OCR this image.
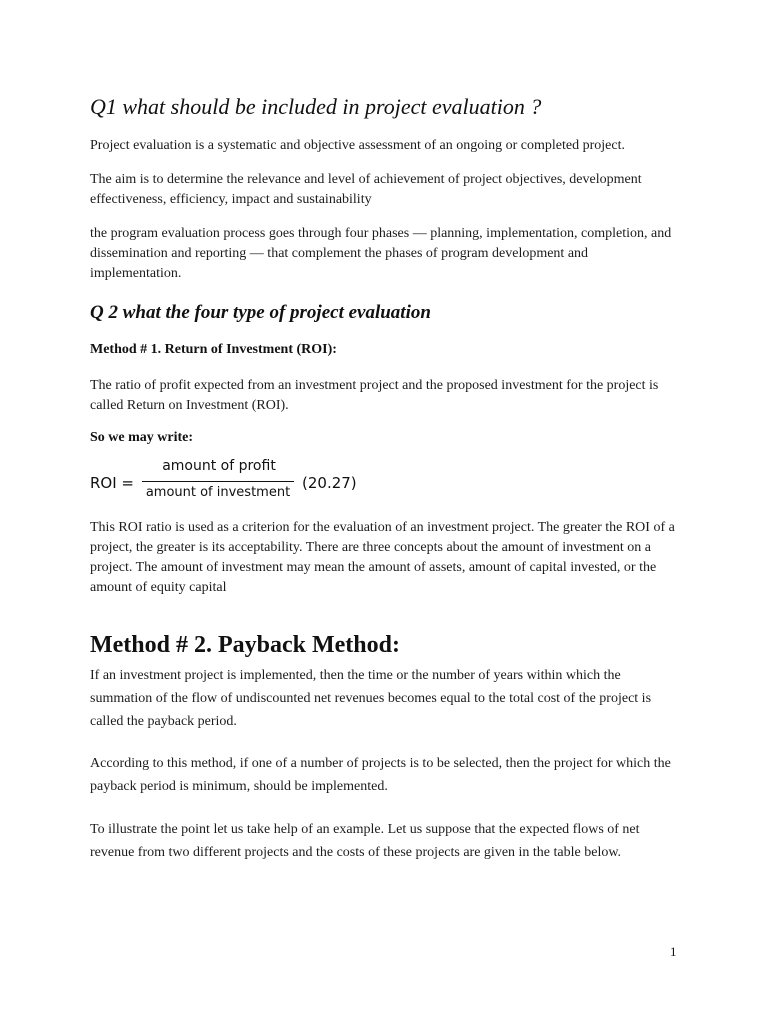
Q1 what should be included in project evaluation ?

Project evaluation is a systematic and objective assessment of an ongoing or completed project.

The aim is to determine the relevance and level of achievement of project objectives, development effectiveness, efficiency, impact and sustainability

the program evaluation process goes through four phases — planning, implementation, completion, and dissemination and reporting — that complement the phases of program development and implementation.

Q 2 what the four type of project evaluation

Method # 1. Return of Investment (ROI):

The ratio of profit expected from an investment project and the proposed investment for the project is called Return on Investment (ROI).

So we may write:

ROI =
amount of profit
amount of investment
(20.27)

This ROI ratio is used as a criterion for the evaluation of an investment project. The greater the ROI of a project, the greater is its acceptability. There are three concepts about the amount of investment on a project. The amount of investment may mean the amount of assets, amount of capital invested, or the amount of equity capital

Method # 2. Payback Method:

If an investment project is implemented, then the time or the number of years within which the summation of the flow of undiscounted net revenues becomes equal to the total cost of the project is called the payback period.

According to this method, if one of a number of projects is to be selected, then the project for which the payback period is minimum, should be implemented.

To illustrate the point let us take help of an example. Let us suppose that the expected flows of net revenue from two different projects and the costs of these projects are given in the table below.

1
